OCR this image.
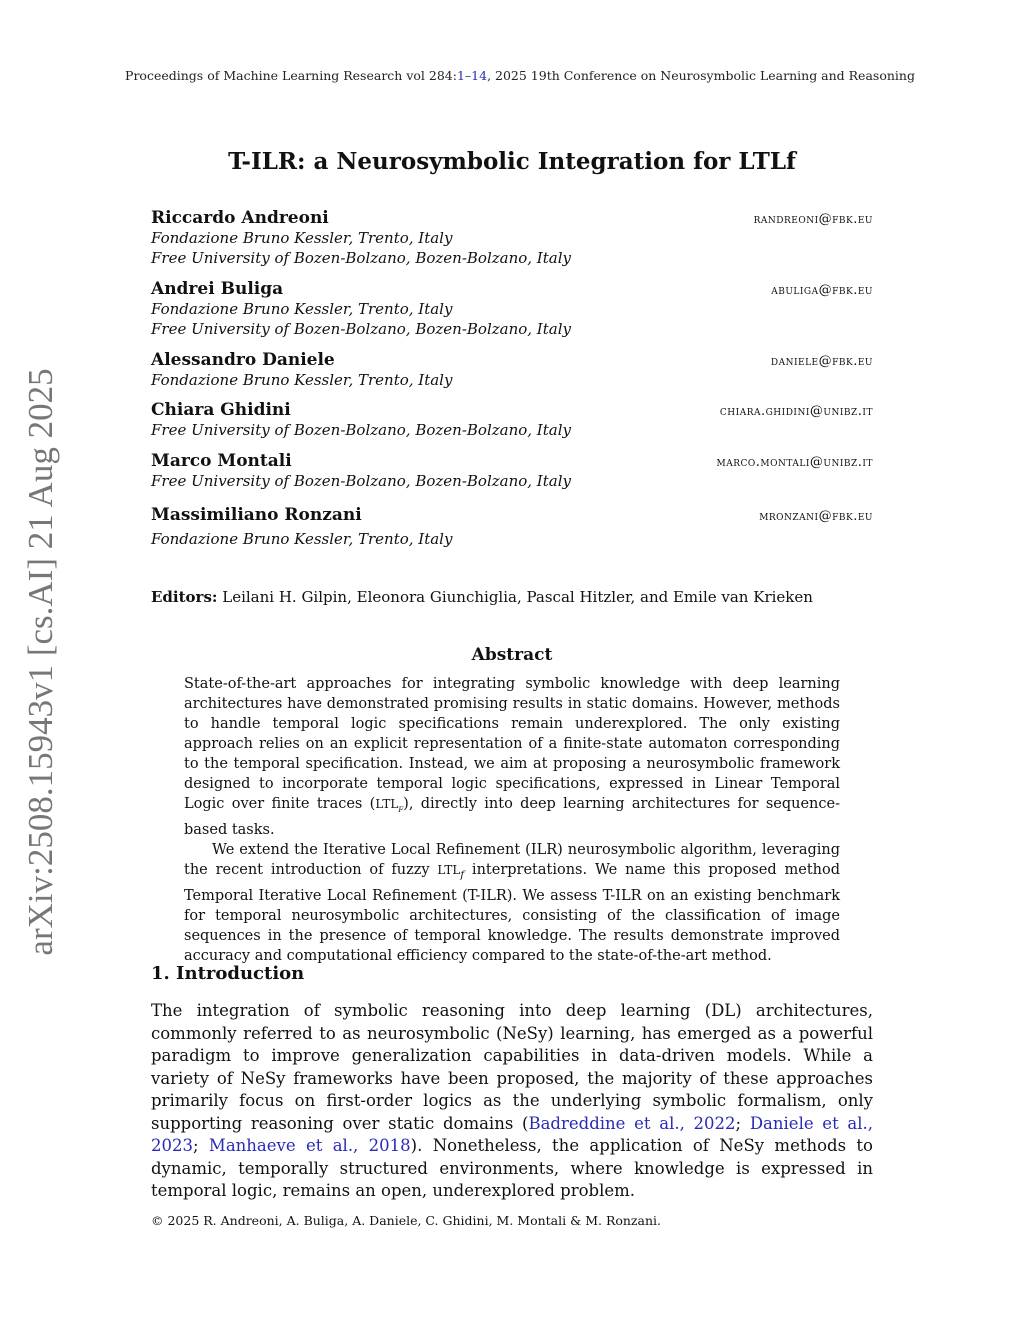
Proceedings of Machine Learning Research vol 284:1–14, 2025 19th Conference on Neurosymbolic Learning and Reasoning
T-ILR: a Neurosymbolic Integration for LTLf
Riccardo Andreoni	randreoni@fbk.eu
Fondazione Bruno Kessler, Trento, Italy
Free University of Bozen-Bolzano, Bozen-Bolzano, Italy
Andrei Buliga	abuliga@fbk.eu
Fondazione Bruno Kessler, Trento, Italy
Free University of Bozen-Bolzano, Bozen-Bolzano, Italy
Alessandro Daniele	daniele@fbk.eu
Fondazione Bruno Kessler, Trento, Italy
Chiara Ghidini	chiara.ghidini@unibz.it
Free University of Bozen-Bolzano, Bozen-Bolzano, Italy
Marco Montali	marco.montali@unibz.it
Free University of Bozen-Bolzano, Bozen-Bolzano, Italy
Massimiliano Ronzani	mronzani@fbk.eu
Fondazione Bruno Kessler, Trento, Italy
Editors: Leilani H. Gilpin, Eleonora Giunchiglia, Pascal Hitzler, and Emile van Krieken
Abstract

State-of-the-art approaches for integrating symbolic knowledge with deep learning architectures have demonstrated promising results in static domains. However, methods to handle temporal logic specifications remain underexplored. The only existing approach relies on an explicit representation of a finite-state automaton corresponding to the temporal specification. Instead, we aim at proposing a neurosymbolic framework designed to incorporate temporal logic specifications, expressed in Linear Temporal Logic over finite traces $(LTL_f)$, directly into deep learning architectures for sequence-based tasks.

We extend the Iterative Local Refinement (ILR) neurosymbolic algorithm, leveraging the recent introduction of fuzzy $LTL_f$ interpretations. We name this proposed method Temporal Iterative Local Refinement (T-ILR). We assess T-ILR on an existing benchmark for temporal neurosymbolic architectures, consisting of the classification of image sequences in the presence of temporal knowledge. The results demonstrate improved accuracy and computational efficiency compared to the state-of-the-art method.

1. Introduction

The integration of symbolic reasoning into deep learning (DL) architectures, commonly referred to as neurosymbolic (NeSy) learning, has emerged as a powerful paradigm to improve generalization capabilities in data-driven models. While a variety of NeSy frameworks have been proposed, the majority of these approaches primarily focus on first-order logics as the underlying symbolic formalism, only supporting reasoning over static domains (Badreddine et al., 2022; Daniele et al., 2023; Manhaeve et al., 2018). Nonetheless, the application of NeSy methods to dynamic, temporally structured environments, where knowledge is expressed in temporal logic, remains an open, underexplored problem.

© 2025 R. Andreoni, A. Buliga, A. Daniele, C. Ghidini, M. Montali & M. Ronzani.
arXiv:2508.15943v1 [cs.AI] 21 Aug 2025
